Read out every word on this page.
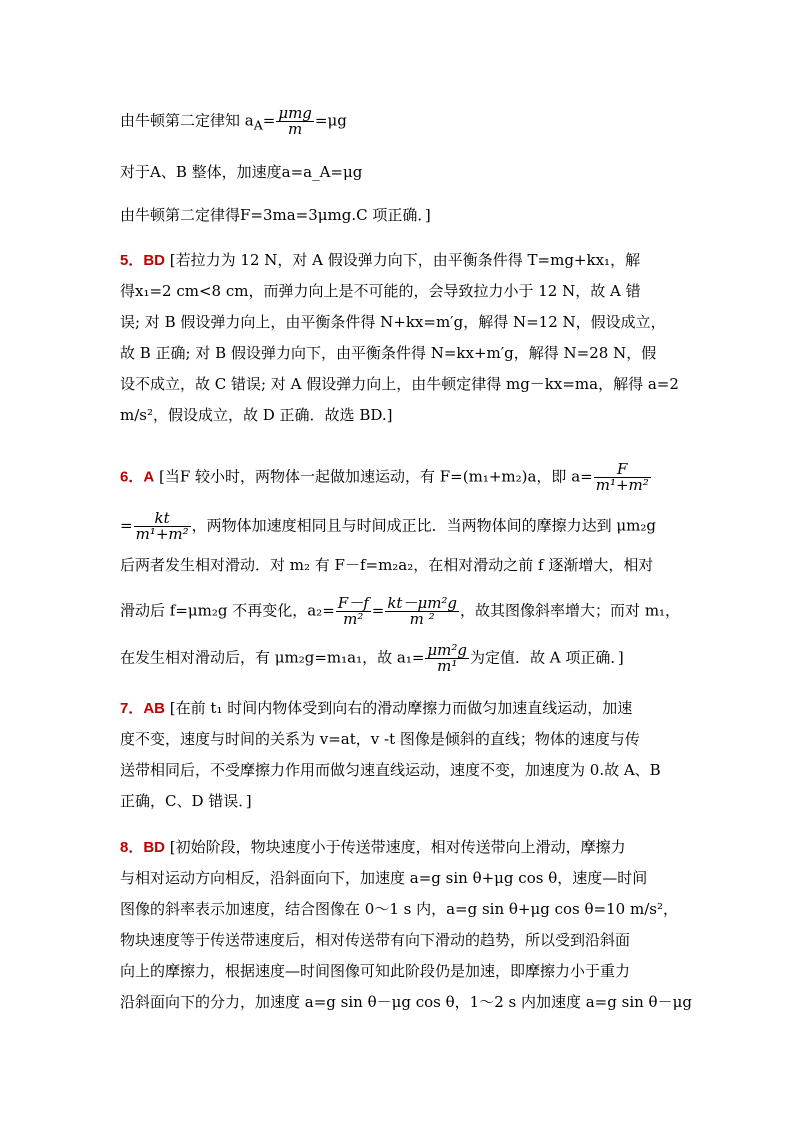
由牛顿第二定律知 $a_A= \frac{\text{μmg}}{m} =\mu g$
对于A、B 整体，加速度a=a_A=μg
由牛顿第二定律得F=3ma=3μmg.C 项正确．]
5．BD [若拉力为 12 N，对 A 假设弹力向下，由平衡条件得 T=mg+kx₁，解
得x₁=2 cm<8 cm，而弹力向上是不可能的，会导致拉力小于 12 N，故 A 错
误; 对 B 假设弹力向上，由平衡条件得 N+kx=m′g，解得 N=12 N，假设成立，
故 B 正确; 对 B 假设弹力向下，由平衡条件得 N=kx+m′g，解得 N=28 N，假
设不成立，故 C 错误; 对 A 假设弹力向上，由牛顿定律得 mg－kx=ma，解得 a=2
m/s²，假设成立，故 D 正确．故选 BD.]
6．A [当F 较小时，两物体一起做加速运动，有 F=(m₁+m₂)a，即 $a= \frac{F}{\text{m¹+m²}}$
= $\frac{kt}{\text{m¹+m²}}$ ，两物体加速度相同且与时间成正比．当两物体间的摩擦力达到 μm₂g
后两者发生相对滑动．对 m₂ 有 F－f=m₂a₂，在相对滑动之前 f 逐渐增大，相对
滑动后 f=μm₂g 不再变化，$a_2= \frac{F-f}{\text{m²}} = \frac{\text{kt－μm²g}}{\text{m ²}}$ ，故其图像斜率增大；而对 m₁，
在发生相对滑动后，有 μm₂g=m₁a₁，故 $a_1= \frac{\text{μm²g}}{\text{m¹}}$ 为定值．故 A 项正确．]
7．AB [在前 t₁ 时间内物体受到向右的滑动摩擦力而做匀加速直线运动，加速
度不变，速度与时间的关系为 v=at，v -t 图像是倾斜的直线；物体的速度与传
送带相同后，不受摩擦力作用而做匀速直线运动，速度不变，加速度为 0.故 A、B
正确，C、D 错误．]
8．BD [初始阶段，物块速度小于传送带速度，相对传送带向上滑动，摩擦力
与相对运动方向相反，沿斜面向下，加速度 a=g sin θ+μg cos θ，速度—时间
图像的斜率表示加速度，结合图像在 0～1 s 内，a=g sin θ+μg cos θ=10 m/s²，
物块速度等于传送带速度后，相对传送带有向下滑动的趋势，所以受到沿斜面
向上的摩擦力，根据速度—时间图像可知此阶段仍是加速，即摩擦力小于重力
沿斜面向下的分力，加速度 a=g sin θ－μg cos θ，1～2 s 内加速度 a=g sin θ－μg
